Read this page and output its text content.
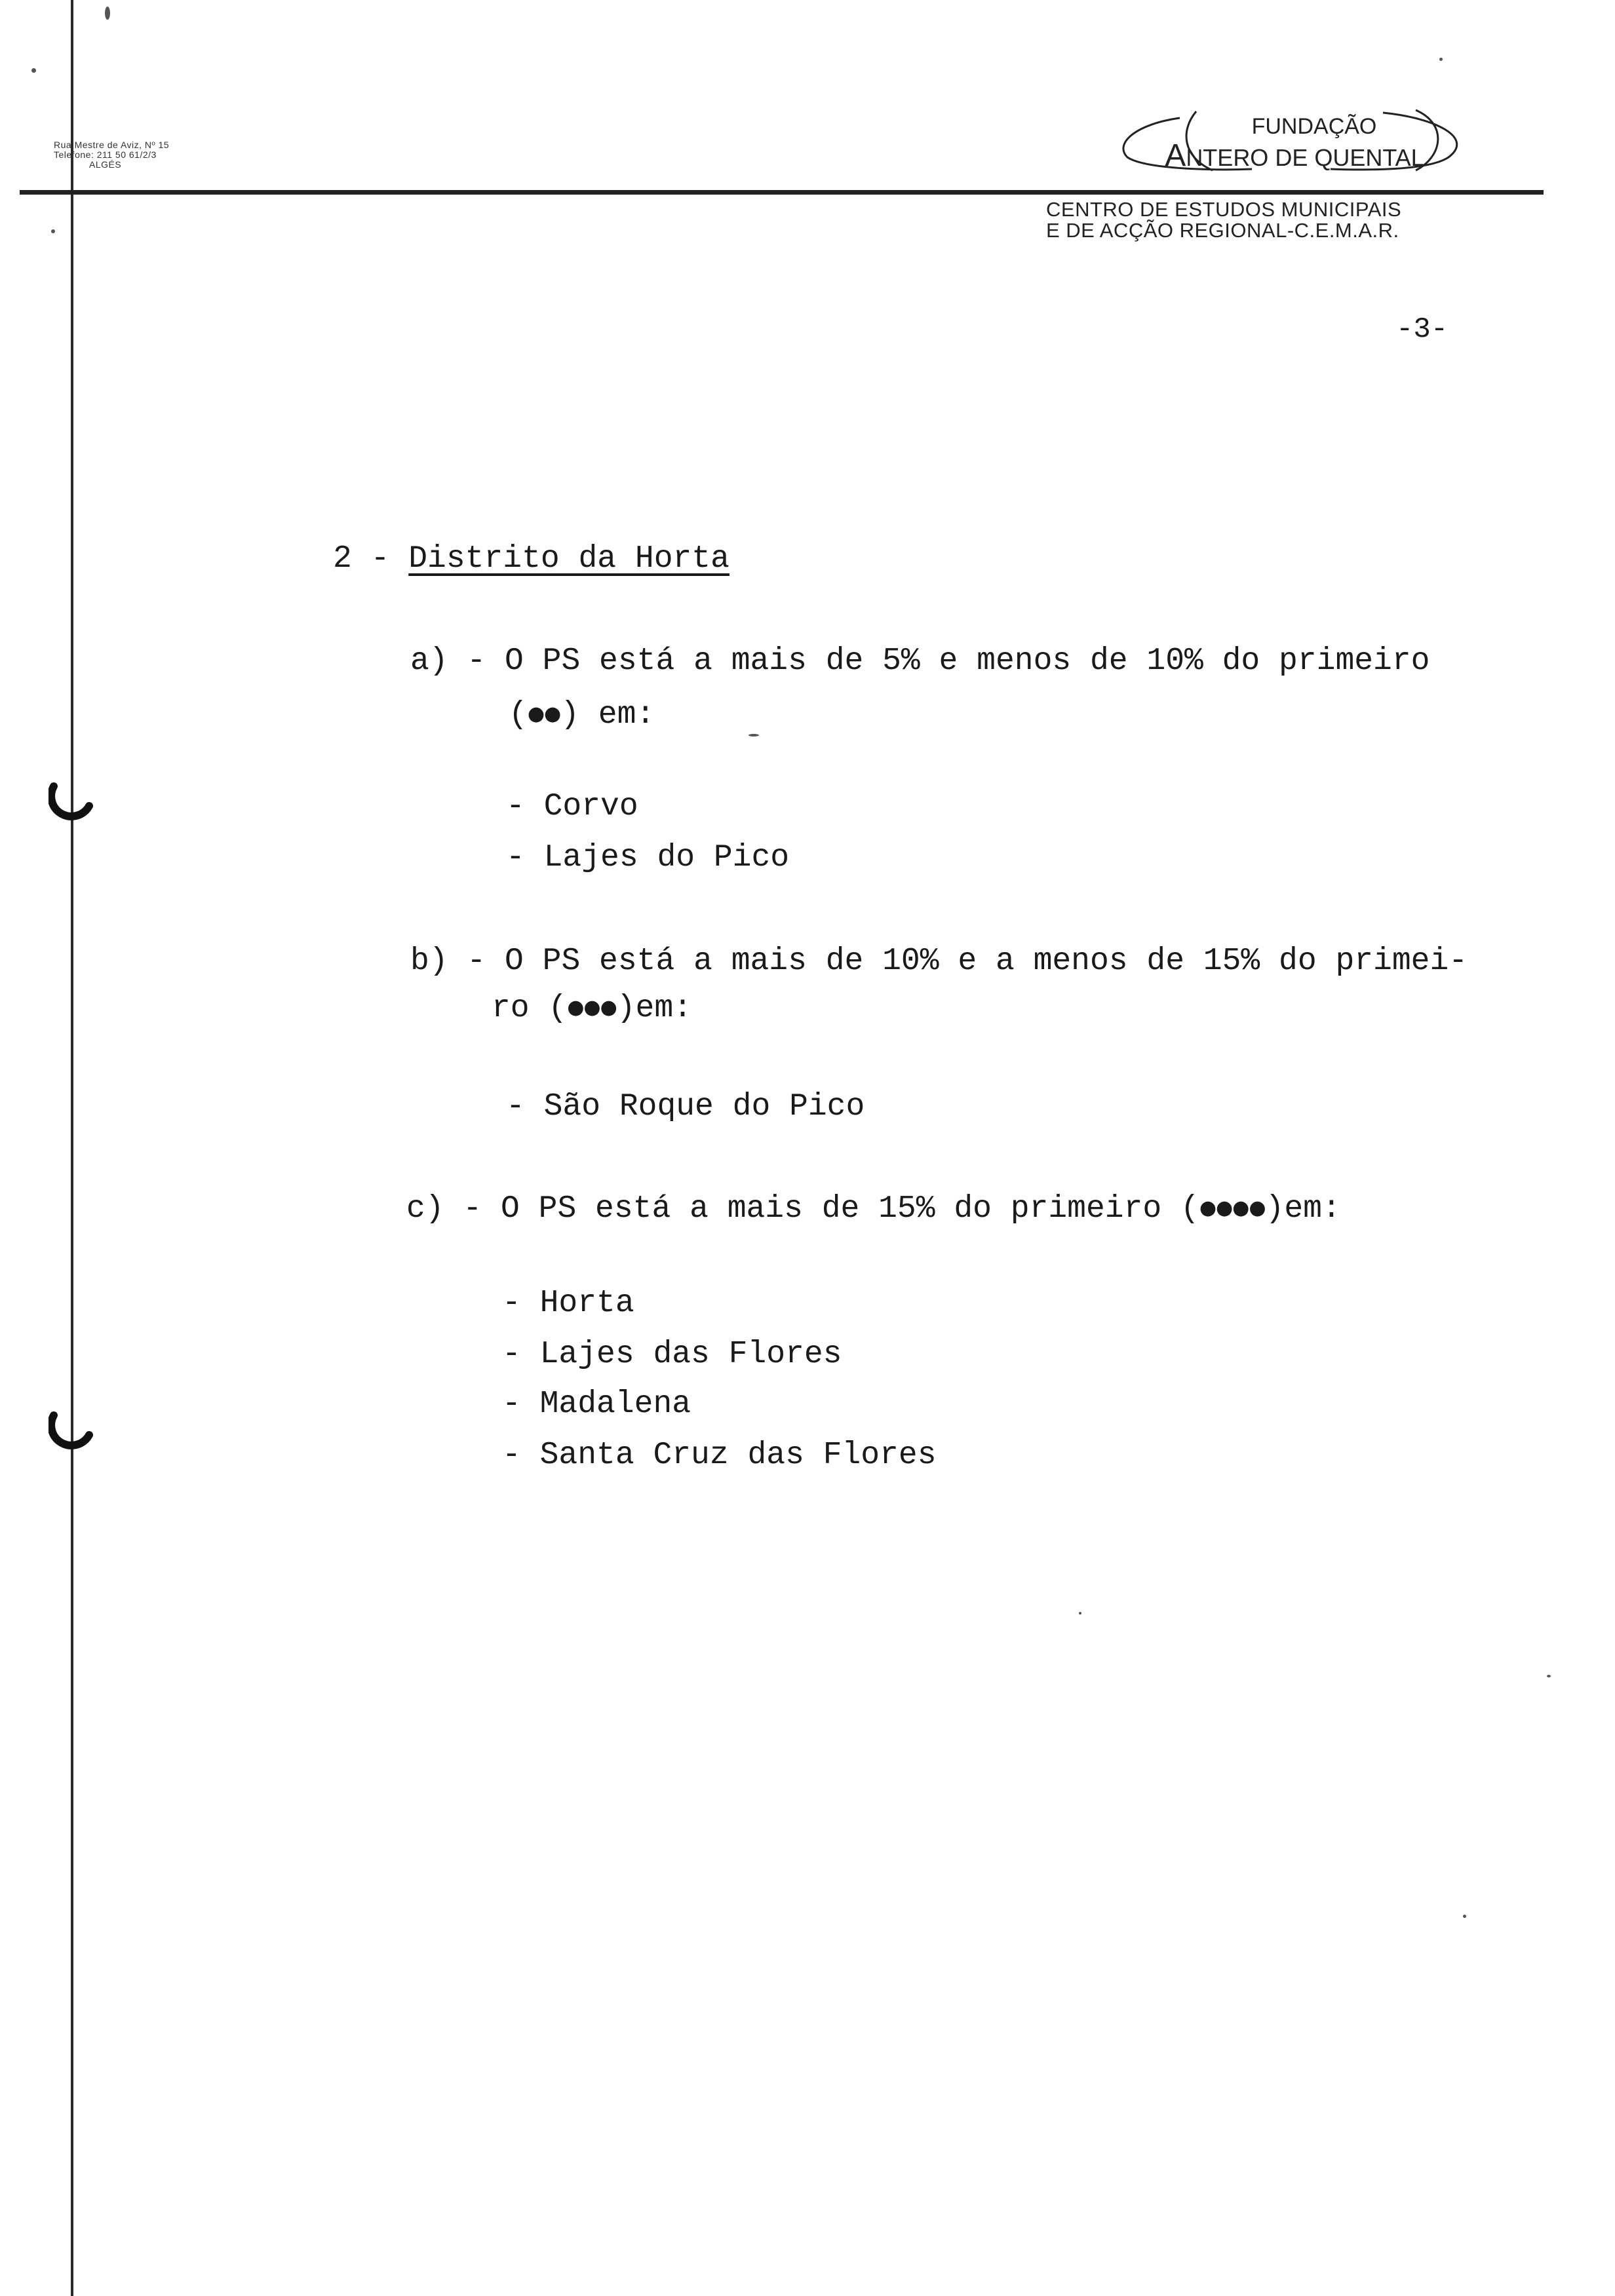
Rua Mestre de Aviz, Nº 15
Telefone: 211 50 61/2/3

ALGÉS
FUNDAÇÃO
ANTERO DE QUENTAL
CENTRO DE ESTUDOS MUNICIPAIS
E DE ACÇÃO REGIONAL-C.E.M.A.R.
-3-
2 - Distrito da Horta
a) - O PS está a mais de 5% e menos de 10% do primeiro
(●●) em:
- Corvo
- Lajes do Pico
b) - O PS está a mais de 10% e a menos de 15% do primei-
ro (●●●)em:
- São Roque do Pico
c) - O PS está a mais de 15% do primeiro (●●●●)em:
- Horta
- Lajes das Flores
- Madalena
- Santa Cruz das Flores
